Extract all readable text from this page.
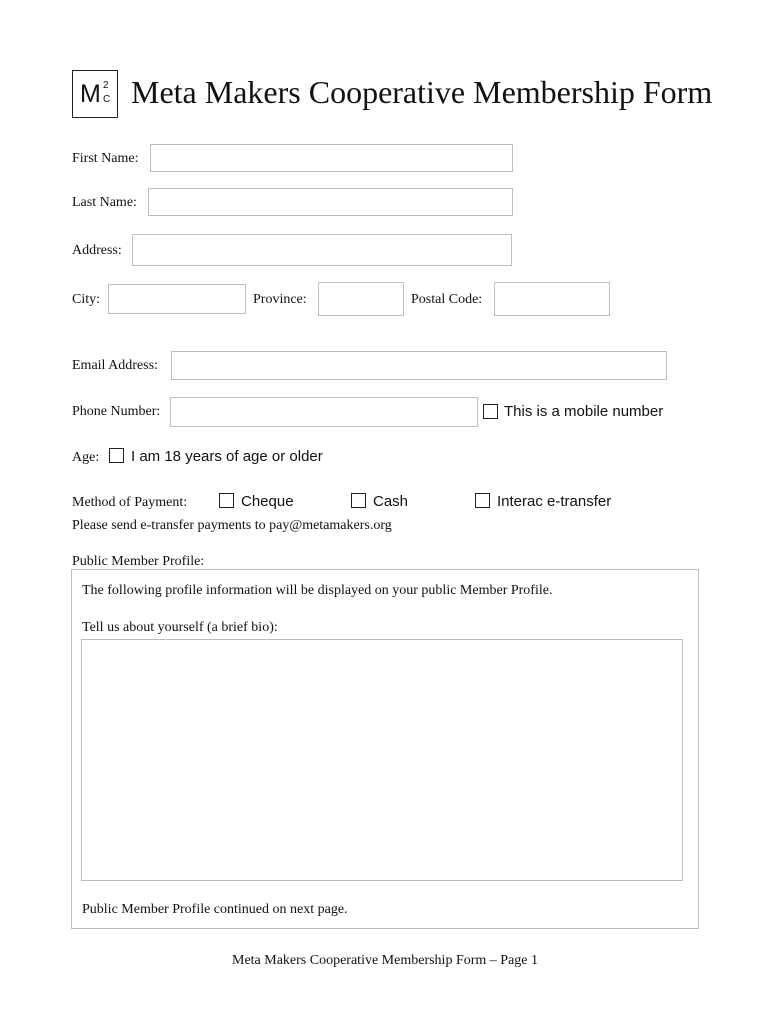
M 2
C Meta Makers Cooperative Membership Form
First Name:
Last Name:
Address:
City:	Province:	Postal Code:
Email Address:
Phone Number:	This is a mobile number
Age: I am 18 years of age or older
Method of Payment:	Cheque	Cash	Interac e-transfer
Please send e-transfer payments to pay@metamakers.org
Public Member Profile:
The following profile information will be displayed on your public Member Profile.
Tell us about yourself (a brief bio):
Public Member Profile continued on next page.
Meta Makers Cooperative Membership Form – Page 1
